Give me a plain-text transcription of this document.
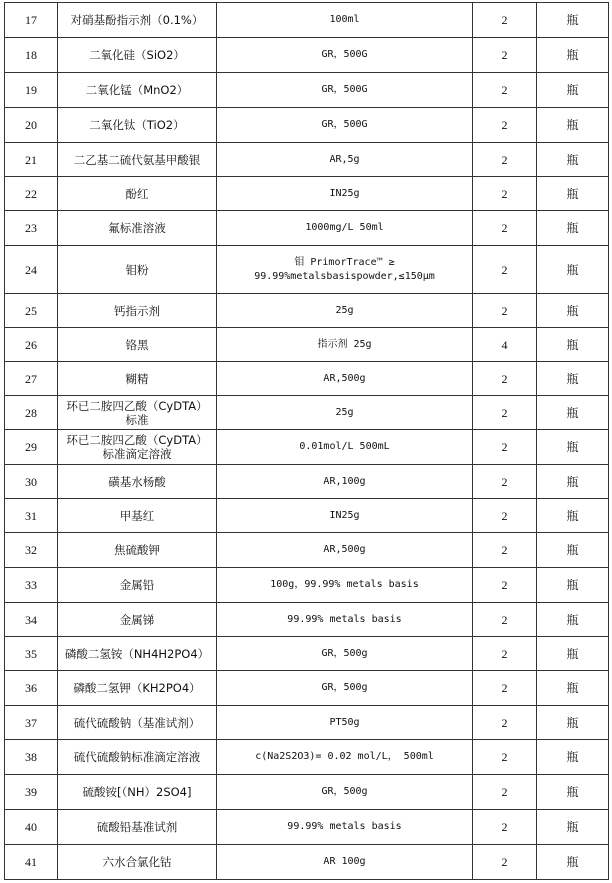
17	对硝基酚指示剂（0.1%）	100ml	2	瓶
18	二氧化硅（SiO2）	GR，500G	2	瓶
19	二氧化锰（MnO2）	GR，500G	2	瓶
20	二氧化钛（TiO2）	GR，500G	2	瓶
21	二乙基二硫代氨基甲酸银	AR,5g	2	瓶
22	酚红	IN25g	2	瓶
23	氟标准溶液	1000mg/L 50ml	2	瓶
24	钼粉	钼 PrimorTrace™ ≥
99.99%metalsbasispowder,≤150μm	2	瓶
25	钙指示剂	25g	2	瓶
26	铬黑	指示剂 25g	4	瓶
27	糊精	AR,500g	2	瓶
28	环已二胺四乙酸（CyDTA）
标准	25g	2	瓶
29	环已二胺四乙酸（CyDTA）
标准滴定溶液	0.01mol/L 500mL	2	瓶
30	磺基水杨酸	AR,100g	2	瓶
31	甲基红	IN25g	2	瓶
32	焦硫酸钾	AR,500g	2	瓶
33	金属铅	100g，99.99% metals basis	2	瓶
34	金属锑	99.99% metals basis	2	瓶
35	磷酸二氢铵（NH4H2PO4）	GR，500g	2	瓶
36	磷酸二氢钾（KH2PO4）	GR，500g	2	瓶
37	硫代硫酸钠（基准试剂）	PT50g	2	瓶
38	硫代硫酸钠标准滴定溶液	c(Na2S2O3)= 0.02 mol/L， 500ml	2	瓶
39	硫酸铵[（NH）2SO4]	GR，500g	2	瓶
40	硫酸铅基准试剂	99.99% metals basis	2	瓶
41	六水合氯化钴	AR 100g	2	瓶
